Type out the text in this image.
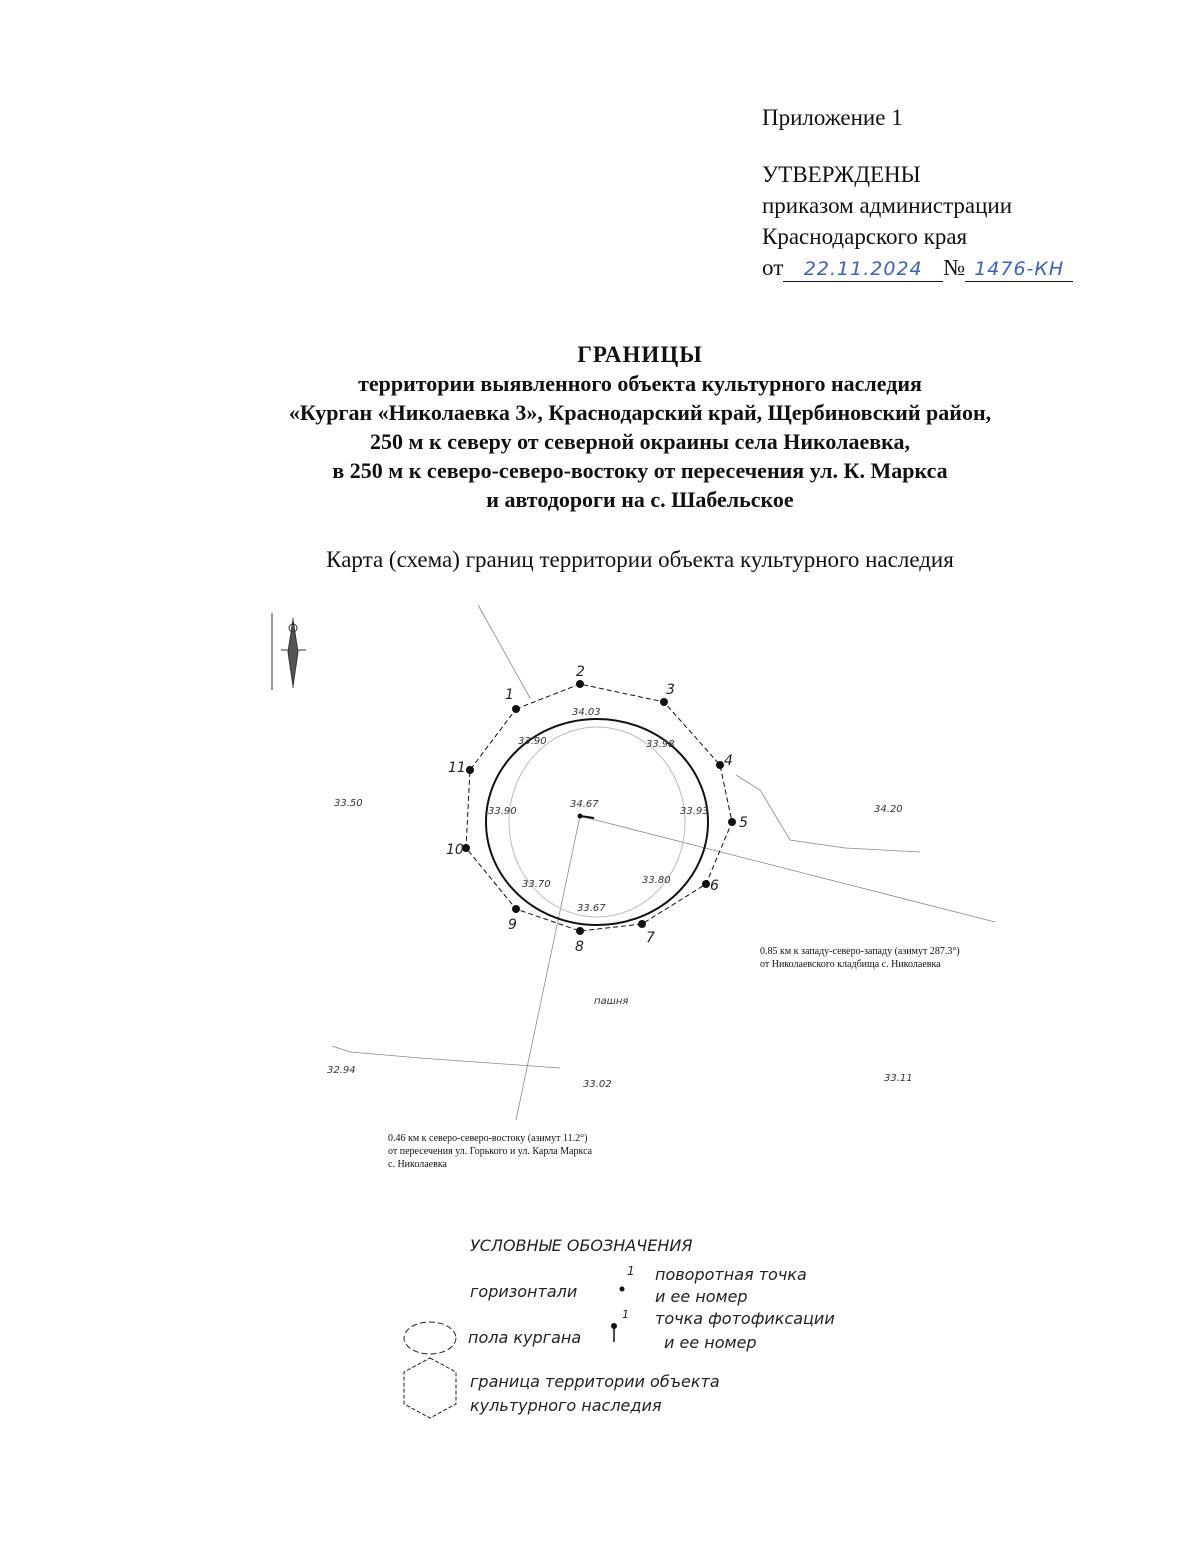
Приложение 1
УТВЕРЖДЕНЫ
приказом администрации
Краснодарского края
от 22.11.2024 № 1476-КН
ГРАНИЦЫ
территории выявленного объекта культурного наследия
«Курган «Николаевка 3», Краснодарский край, Щербиновский район,
250 м к северу от северной окраины села Николаевка,
в 250 м к северо-северо-востоку от пересечения ул. К. Маркса
и автодороги на с. Шабельское
Карта (схема) границ территории объекта культурного наследия
1
2
3
4
5
6
7
8
9
10
11
34.03
33.98
33.90
34.67
33.93
33.90
33.70	33.80
33.67
33.50
34.20
32.94
33.02
33.11
пашня
0.85 км к западу-северо-западу (азимут 287.3°)
от Николаевского кладбища с. Николаевка
0.46 км к северо-северо-востоку (азимут 11.2°)
от пересечения ул. Горького и ул. Карла Маркса
с. Николаевка
УСЛОВНЫЕ ОБОЗНАЧЕНИЯ
горизонтали
1 поворотная точка
и ее номер
1 точка фотофиксации
и ее номер
пола кургана
граница территории объекта
культурного наследия
